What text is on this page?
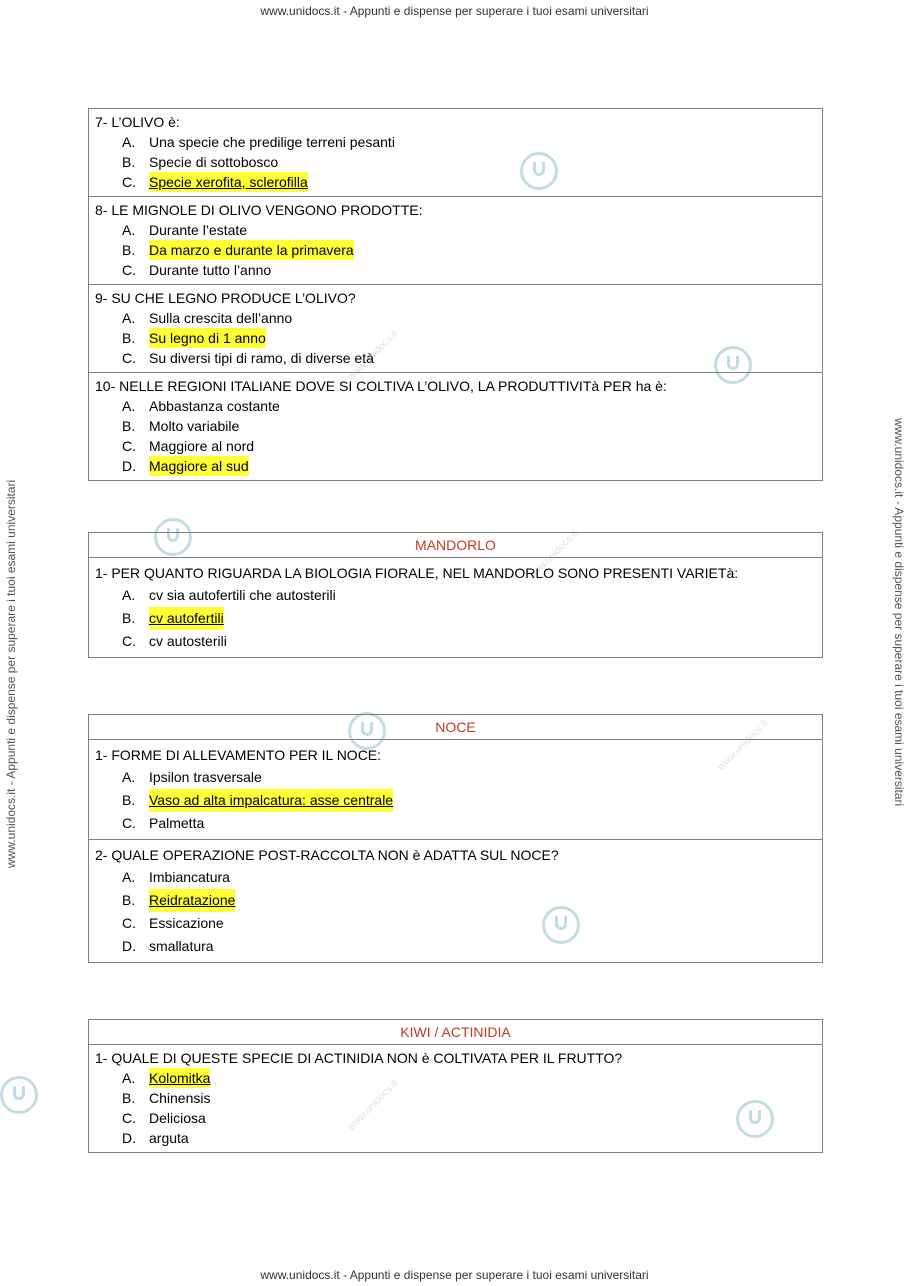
www.unidocs.it - Appunti e dispense per superare i tuoi esami universitari
www.unidocs.it - Appunti e dispense per superare i tuoi esami universitari
www.unidocs.it - Appunti e dispense per superare i tuoi esami universitari	www.unidocs.it - Appunti e dispense per superare i tuoi esami universitari
www.unidocs.it
www.unidocs.it
www.unidocs.it
www.unidocs.it
7- L’OLIVO è:
A. Una specie che predilige terreni pesanti
B. Specie di sottobosco
C. Specie xerofita, sclerofilla

8- LE MIGNOLE DI OLIVO VENGONO PRODOTTE:
A. Durante l’estate
B. Da marzo e durante la primavera
C. Durante tutto l’anno

9- SU CHE LEGNO PRODUCE L’OLIVO?
A. Sulla crescita dell’anno
B. Su legno di 1 anno
C. Su diversi tipi di ramo, di diverse età

10- NELLE REGIONI ITALIANE DOVE SI COLTIVA L’OLIVO, LA PRODUTTIVITà PER ha è:
A. Abbastanza costante
B. Molto variabile
C. Maggiore al nord
D. Maggiore al sud
MANDORLO

1- PER QUANTO RIGUARDA LA BIOLOGIA FIORALE, NEL MANDORLO SONO PRESENTI VARIETà:
A. cv sia autofertili che autosterili
B. cv autofertili
C. cv autosterili
NOCE

1- FORME DI ALLEVAMENTO PER IL NOCE:
A. Ipsilon trasversale
B. Vaso ad alta impalcatura: asse centrale
C. Palmetta

2- QUALE OPERAZIONE POST-RACCOLTA NON è ADATTA SUL NOCE?
A. Imbiancatura
B. Reidratazione
C. Essicazione
D. smallatura
KIWI / ACTINIDIA

1- QUALE DI QUESTE SPECIE DI ACTINIDIA NON è COLTIVATA PER IL FRUTTO?
A. Kolomitka
B. Chinensis
C. Deliciosa
D. arguta
